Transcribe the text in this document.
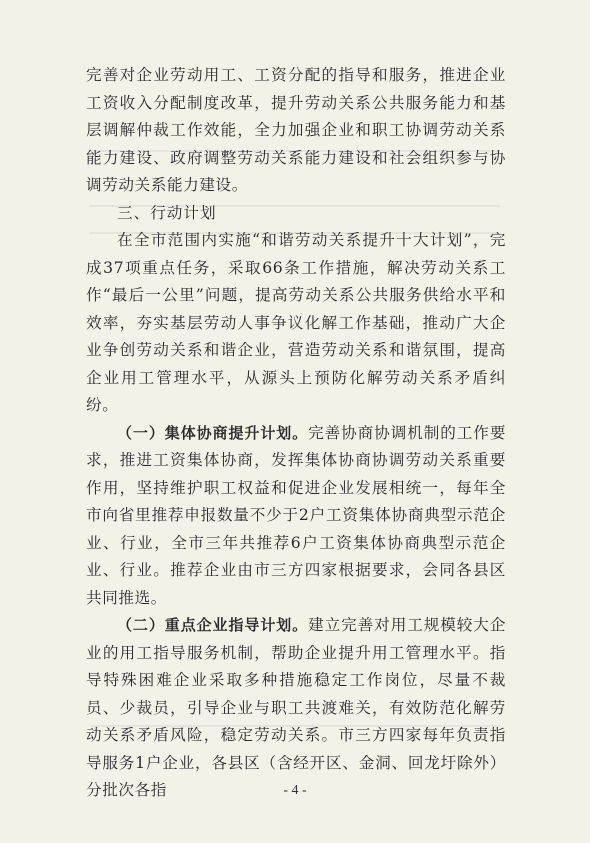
完善对企业劳动用工、工资分配的指导和服务，推进企业工资收入分配制度改革，提升劳动关系公共服务能力和基层调解仲裁工作效能，全力加强企业和职工协调劳动关系能力建设、政府调整劳动关系能力建设和社会组织参与协调劳动关系能力建设。

三、行动计划

在全市范围内实施“和谐劳动关系提升十大计划”，完成37项重点任务，采取66条工作措施，解决劳动关系工作“最后一公里”问题，提高劳动关系公共服务供给水平和效率，夯实基层劳动人事争议化解工作基础，推动广大企业争创劳动关系和谐企业，营造劳动关系和谐氛围，提高企业用工管理水平，从源头上预防化解劳动关系矛盾纠纷。

（一）集体协商提升计划。完善协商协调机制的工作要求，推进工资集体协商，发挥集体协商协调劳动关系重要作用，坚持维护职工权益和促进企业发展相统一，每年全市向省里推荐申报数量不少于2户工资集体协商典型示范企业、行业，全市三年共推荐6户工资集体协商典型示范企业、行业。推荐企业由市三方四家根据要求，会同各县区共同推选。

（二）重点企业指导计划。建立完善对用工规模较大企业的用工指导服务机制，帮助企业提升用工管理水平。指导特殊困难企业采取多种措施稳定工作岗位，尽量不裁员、少裁员，引导企业与职工共渡难关，有效防范化解劳动关系矛盾风险，稳定劳动关系。市三方四家每年负责指导服务1户企业，各县区（含经开区、金洞、回龙圩除外）分批次各指	- 4 -
